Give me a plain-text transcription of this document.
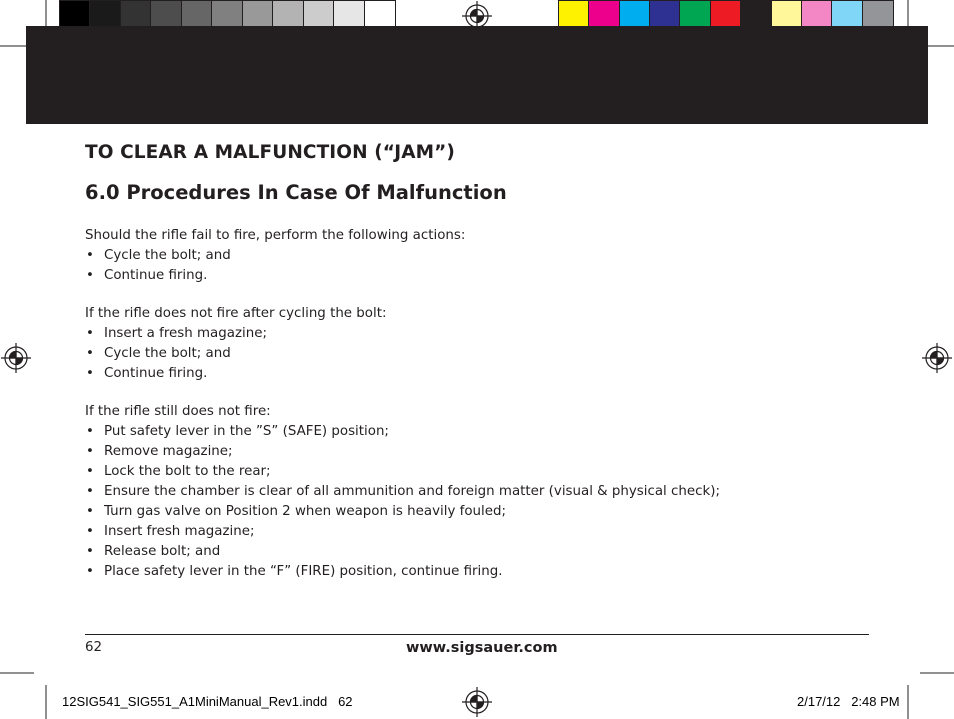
TO CLEAR A MALFUNCTION (“JAM”)
6.0 Procedures In Case Of Malfunction

Should the rifle fail to fire, perform the following actions:

• Cycle the bolt; and
• Continue firing.

If the rifle does not fire after cycling the bolt:

• Insert a fresh magazine;
• Cycle the bolt; and
• Continue firing.

If the rifle still does not fire:

• Put safety lever in the ”S” (SAFE) position;
• Remove magazine;
• Lock the bolt to the rear;
• Ensure the chamber is clear of all ammunition and foreign matter (visual & physical check);
• Turn gas valve on Position 2 when weapon is heavily fouled;
• Insert fresh magazine;
• Release bolt; and
• Place safety lever in the “F” (FIRE) position, continue firing.
62	www.sigsauer.com
12SIG541_SIG551_A1MiniManual_Rev1.indd   62	2/17/12   2:48 PM
